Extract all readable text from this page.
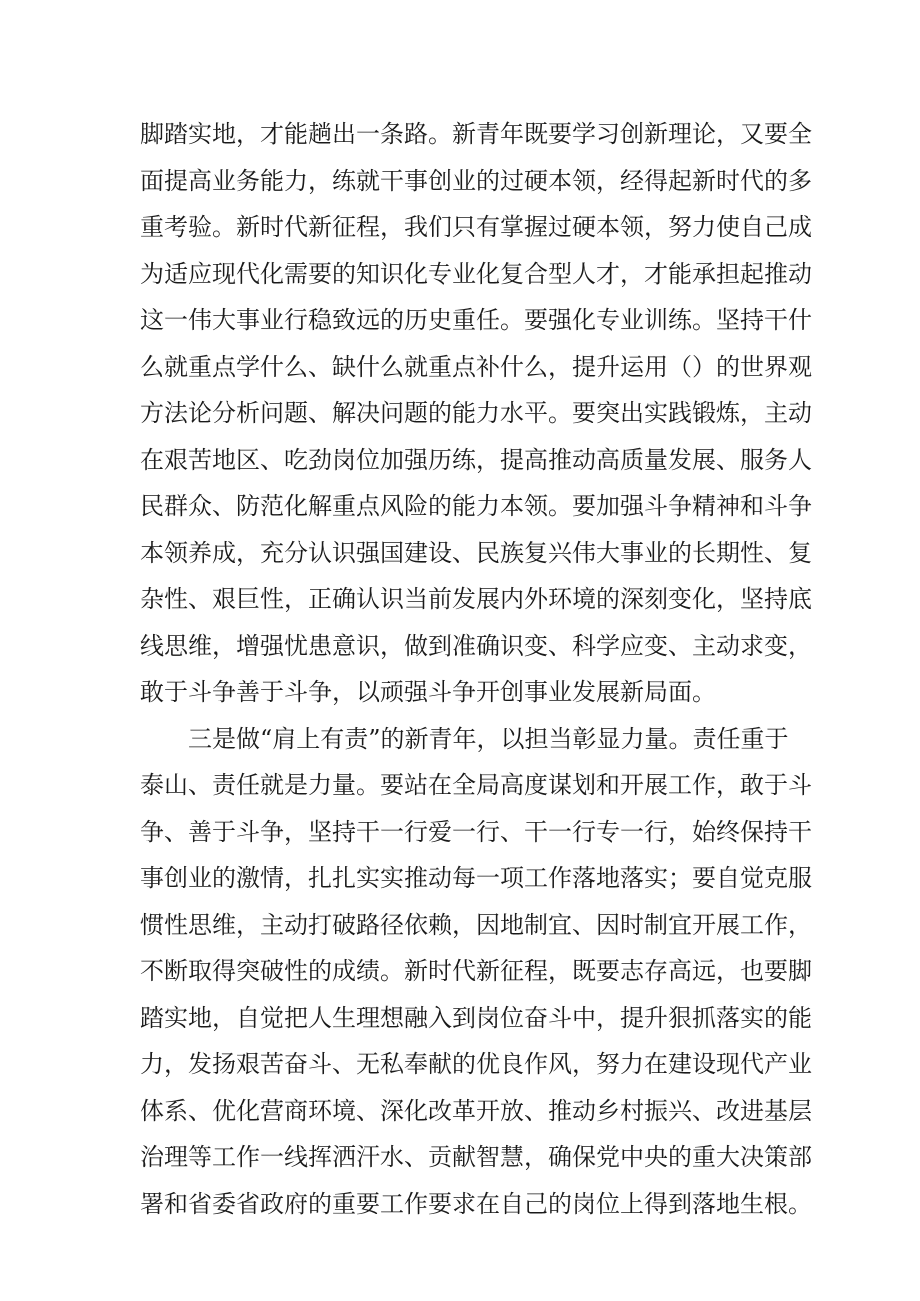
脚踏实地，才能趟出一条路。新青年既要学习创新理论，又要全
面提高业务能力，练就干事创业的过硬本领，经得起新时代的多
重考验。新时代新征程，我们只有掌握过硬本领，努力使自己成
为适应现代化需要的知识化专业化复合型人才，才能承担起推动
这一伟大事业行稳致远的历史重任。要强化专业训练。坚持干什
么就重点学什么、缺什么就重点补什么，提升运用（）的世界观
方法论分析问题、解决问题的能力水平。要突出实践锻炼，主动
在艰苦地区、吃劲岗位加强历练，提高推动高质量发展、服务人
民群众、防范化解重点风险的能力本领。要加强斗争精神和斗争
本领养成，充分认识强国建设、民族复兴伟大事业的长期性、复
杂性、艰巨性，正确认识当前发展内外环境的深刻变化，坚持底
线思维，增强忧患意识，做到准确识变、科学应变、主动求变，
敢于斗争善于斗争，以顽强斗争开创事业发展新局面。
三是做“肩上有责”的新青年，以担当彰显力量。责任重于
泰山、责任就是力量。要站在全局高度谋划和开展工作，敢于斗
争、善于斗争，坚持干一行爱一行、干一行专一行，始终保持干
事创业的激情，扎扎实实推动每一项工作落地落实；要自觉克服
惯性思维，主动打破路径依赖，因地制宜、因时制宜开展工作，
不断取得突破性的成绩。新时代新征程，既要志存高远，也要脚
踏实地，自觉把人生理想融入到岗位奋斗中，提升狠抓落实的能
力，发扬艰苦奋斗、无私奉献的优良作风，努力在建设现代产业
体系、优化营商环境、深化改革开放、推动乡村振兴、改进基层
治理等工作一线挥洒汗水、贡献智慧，确保党中央的重大决策部
署和省委省政府的重要工作要求在自己的岗位上得到落地生根。
